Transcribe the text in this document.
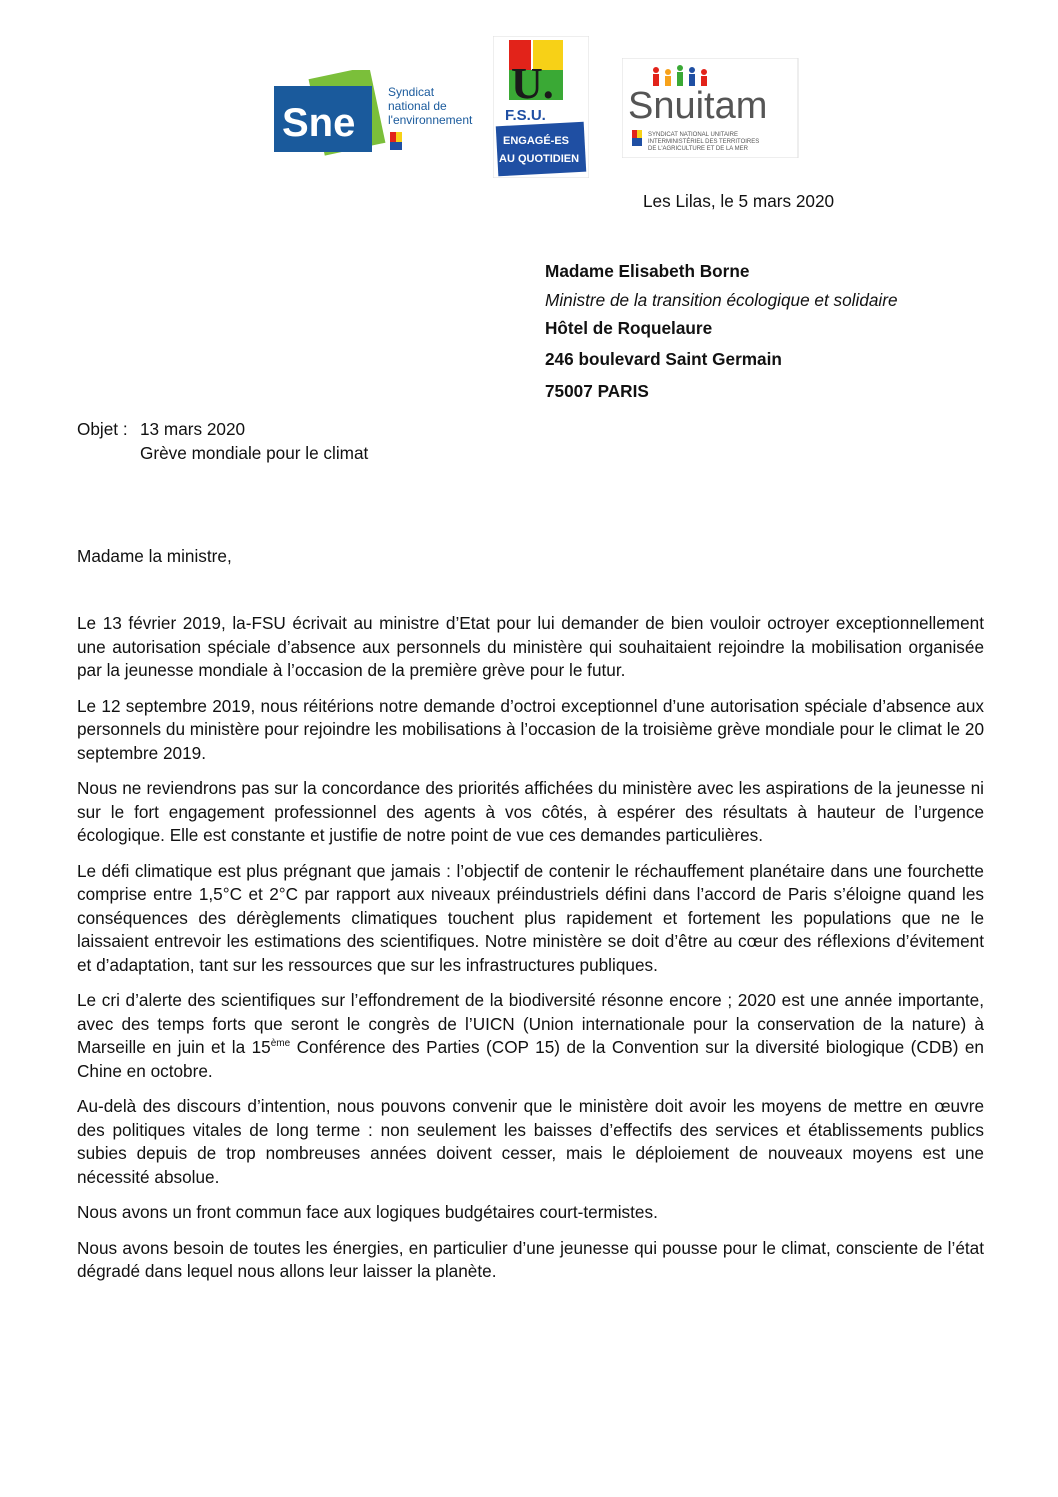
Sne
Syndicat
national de
l'environnement
U.
F.S.U.
ENGAGÉ-ES
AU QUOTIDIEN
Snuitam
SYNDICAT NATIONAL UNITAIRE
INTERMINISTÉRIEL DES TERRITOIRES
DE L'AGRICULTURE ET DE LA MER
Les Lilas, le 5 mars 2020
Madame Elisabeth Borne
Ministre de la transition écologique et solidaire
Hôtel de Roquelaure
246 boulevard Saint Germain
75007 PARIS
Objet : 13 mars 2020
Grève mondiale pour le climat
Madame la ministre,

Le 13 février 2019, la-FSU écrivait au ministre d’Etat pour lui demander de bien vouloir octroyer exceptionnellement une autorisation spéciale d’absence aux personnels du ministère qui souhaitaient rejoindre la mobilisation organisée par la jeunesse mondiale à l’occasion de la première grève pour le futur.

Le 12 septembre 2019, nous réitérions notre demande d’octroi exceptionnel d’une autorisation spéciale d’absence aux personnels du ministère pour rejoindre les mobilisations à l’occasion de la troisième grève mondiale pour le climat le 20 septembre 2019.

Nous ne reviendrons pas sur la concordance des priorités affichées du ministère avec les aspirations de la jeunesse ni sur le fort engagement professionnel des agents à vos côtés, à espérer des résultats à hauteur de l’urgence écologique. Elle est constante et justifie de notre point de vue ces demandes particulières.

Le défi climatique est plus prégnant que jamais : l’objectif de contenir le réchauffement planétaire dans une fourchette comprise entre 1,5°C et 2°C par rapport aux niveaux préindustriels défini dans l’accord de Paris s’éloigne quand les conséquences des dérèglements climatiques touchent plus rapidement et fortement les populations que ne le laissaient entrevoir les estimations des scientifiques. Notre ministère se doit d’être au cœur des réflexions d’évitement et d’adaptation, tant sur les ressources que sur les infrastructures publiques.

Le cri d’alerte des scientifiques sur l’effondrement de la biodiversité résonne encore ; 2020 est une année importante, avec des temps forts que seront le congrès de l’UICN (Union internationale pour la conservation de la nature) à Marseille en juin et la 15ème Conférence des Parties (COP 15) de la Convention sur la diversité biologique (CDB) en Chine en octobre.

Au-delà des discours d’intention, nous pouvons convenir que le ministère doit avoir les moyens de mettre en œuvre des politiques vitales de long terme : non seulement les baisses d’effectifs des services et établissements publics subies depuis de trop nombreuses années doivent cesser, mais le déploiement de nouveaux moyens est une nécessité absolue.

Nous avons un front commun face aux logiques budgétaires court-termistes.

Nous avons besoin de toutes les énergies, en particulier d’une jeunesse qui pousse pour le climat, consciente de l’état dégradé dans lequel nous allons leur laisser la planète.
